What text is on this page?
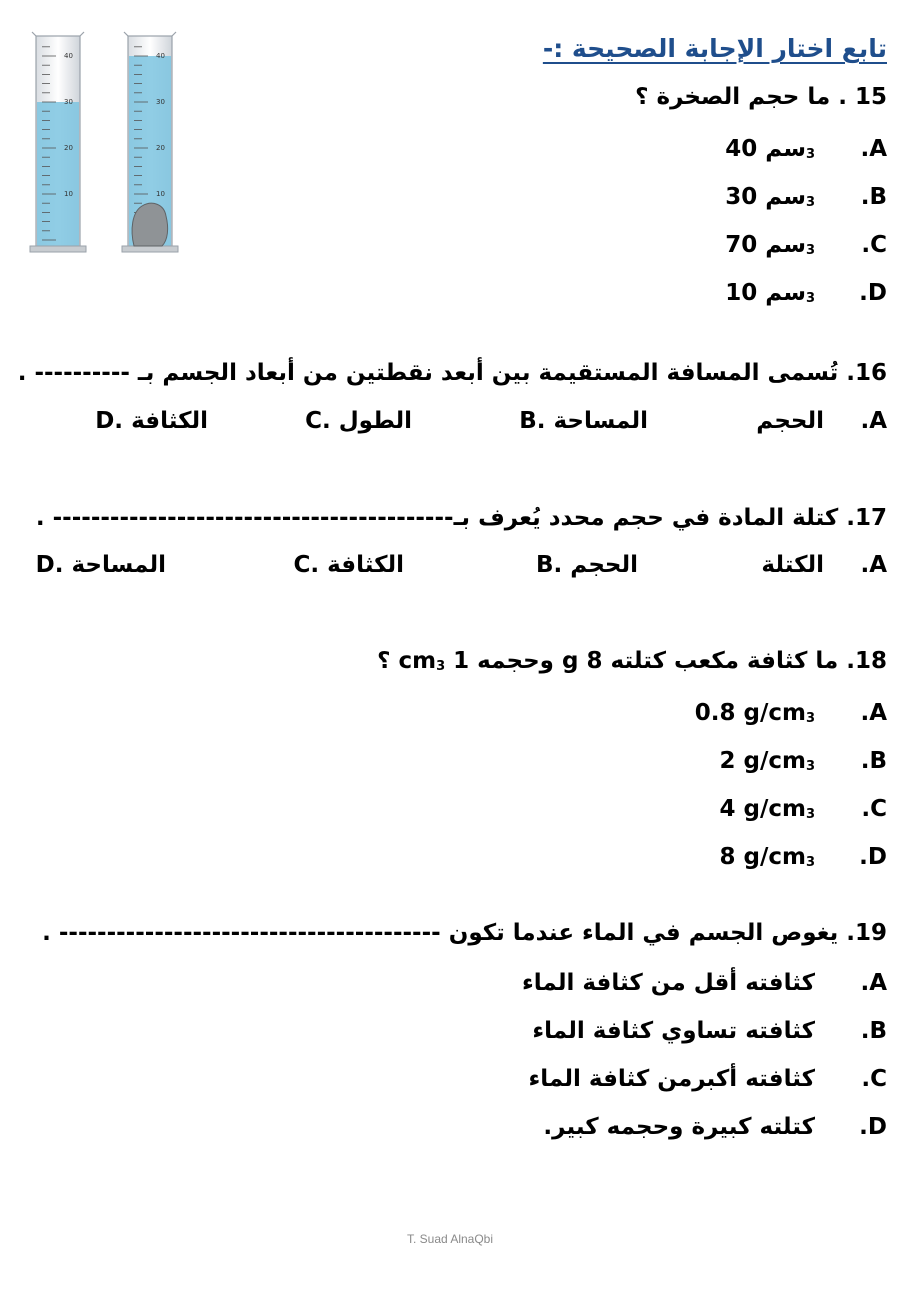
تابع اختار الإجابة الصحيحة :-
40
30
20
10
40
30
20
10
15 . ما حجم الصخرة ؟
.A
40 سم$_3$
.B
30 سم$_3$
.C
70 سم$_3$
.D
10 سم$_3$
16. تُسمى المسافة المستقيمة بين أبعد نقطتين من أبعاد الجسم بـ ---------- .
.A
الحجم
B. المساحة
C. الطول
D. الكثافة
17. كتلة المادة في حجم محدد يُعرف بـ------------------------------------------ .
.A
الكتلة
B. الحجم
C. الكثافة
D. المساحة
18. ما كثافة مكعب كتلته 8 g وحجمه 1 $cm_3$ ؟
.A
0.8 $g/cm_3$
.B
2 $g/cm_3$
.C
4 $g/cm_3$
.D
8 $g/cm_3$
19. يغوص الجسم في الماء عندما تكون ---------------------------------------- .
.A
كثافته أقل من كثافة الماء
.B
كثافته تساوي كثافة الماء
.C
كثافته أكبرمن كثافة الماء
.D
كتلته كبيرة وحجمه كبير.
T. Suad AlnaQbi
